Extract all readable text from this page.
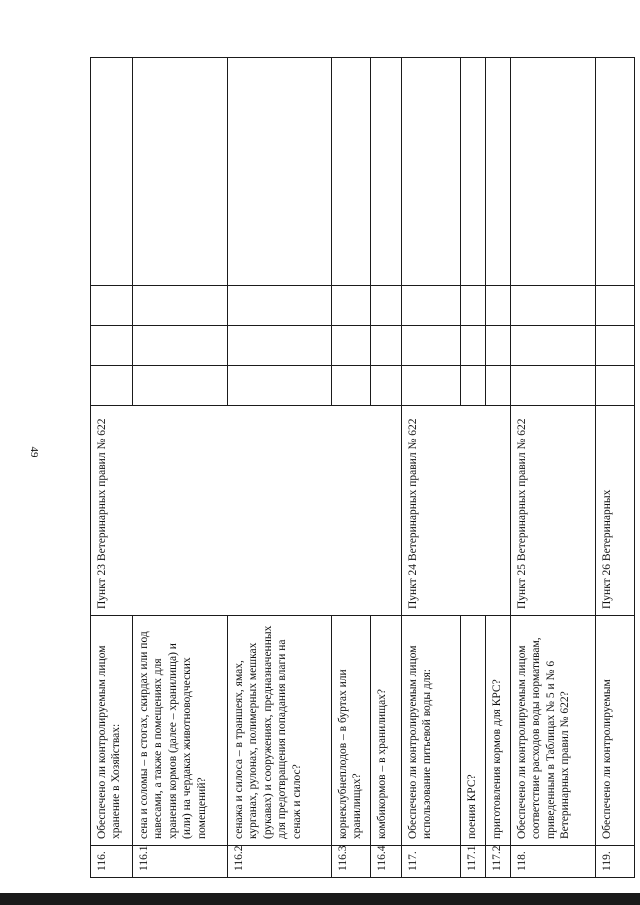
49
116.	Обеспечено ли контролируемым лицом хранение в Хозяйствах:	Пункт 23 Ветеринарных правил № 622				
116.1	сена и соломы – в стогах, скирдах или под навесами, а также в помещениях для хранения кормов (далее – хранилища) и (или) на чердаках животноводческих помещений?					
116.2	сенажа и силоса – в траншеях, ямах, курганах, рулонах, полимерных мешках (рукавах) и сооружениях, предназначенных для предотвращения попадания влаги на сенаж и силос?					
116.3	корнеклубнеплодов – в буртах или хранилищах?					
116.4	комбикормов – в хранилищах?					
117.	Обеспечено ли контролируемым лицом использование питьевой воды для:	Пункт 24 Ветеринарных правил № 622				
117.1	поения КРС?					
117.2	приготовления кормов для КРС?					
118.	Обеспечено ли контролируемым лицом соответствие расходов воды нормативам, приведенным в Таблицах № 5 и № 6 Ветеринарных правил № 622?	Пункт 25 Ветеринарных правил № 622				
119.	Обеспечено ли контролируемым	Пункт 26 Ветеринарных				
